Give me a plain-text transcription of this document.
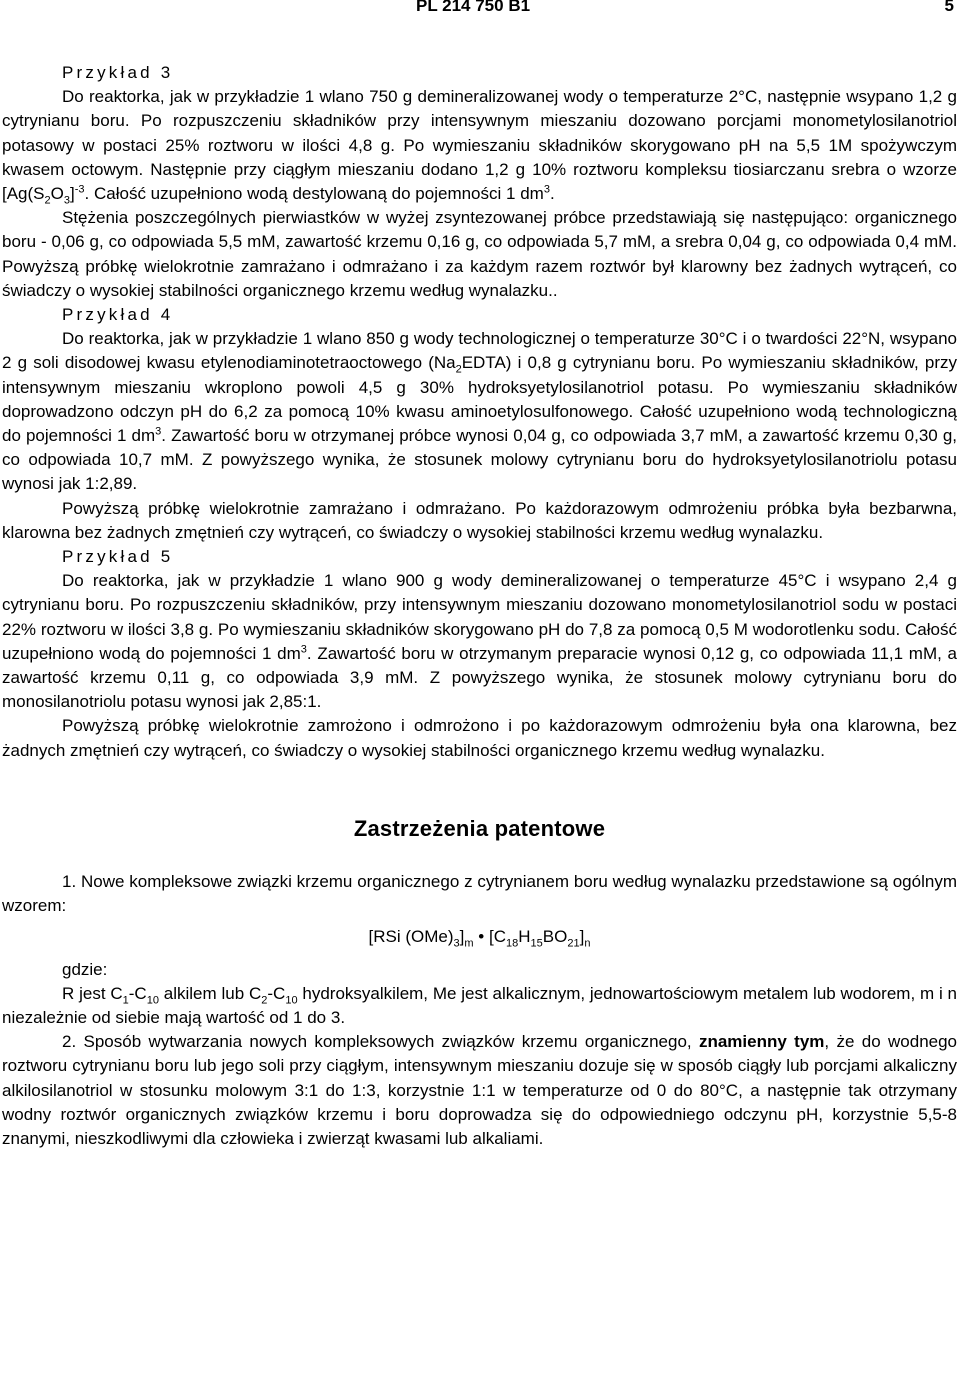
PL 214 750 B1	5

Przykład 3

Do reaktorka, jak w przykładzie 1 wlano 750 g demineralizowanej wody o temperaturze 2°C, następnie wsypano 1,2 g cytrynianu boru. Po rozpuszczeniu składników przy intensywnym mieszaniu dozowano porcjami monometylosilanotriol potasowy w postaci 25% roztworu w ilości 4,8 g. Po wymieszaniu składników skorygowano pH na 5,5 1M spożywczym kwasem octowym. Następnie przy ciągłym mieszaniu dodano 1,2 g 10% roztworu kompleksu tiosiarczanu srebra o wzorze [$Ag(S_2O_3]^{-3}$. Całość uzupełniono wodą destylowaną do pojemności 1 $dm^3$.

Stężenia poszczególnych pierwiastków w wyżej zsyntezowanej próbce przedstawiają się następująco: organicznego boru - 0,06 g, co odpowiada 5,5 mM, zawartość krzemu 0,16 g, co odpowiada 5,7 mM, a srebra 0,04 g, co odpowiada 0,4 mM. Powyższą próbkę wielokrotnie zamrażano i odmrażano i za każdym razem roztwór był klarowny bez żadnych wytrąceń, co świadczy o wysokiej stabilności organicznego krzemu według wynalazku..

Przykład 4

Do reaktorka, jak w przykładzie 1 wlano 850 g wody technologicznej o temperaturze 30°C i o twardości 22°N, wsypano 2 g soli disodowej kwasu etylenodiaminotetraoctowego $(Na_2EDTA)$ i 0,8 g cytrynianu boru. Po wymieszaniu składników, przy intensywnym mieszaniu wkroplono powoli 4,5 g 30% hydroksyetylosilanotriol potasu. Po wymieszaniu składników doprowadzono odczyn pH do 6,2 za pomocą 10% kwasu aminoetylosulfonowego. Całość uzupełniono wodą technologiczną do pojemności 1 $dm^3$. Zawartość boru w otrzymanej próbce wynosi 0,04 g, co odpowiada 3,7 mM, a zawartość krzemu 0,30 g, co odpowiada 10,7 mM. Z powyższego wynika, że stosunek molowy cytrynianu boru do hydroksyetylosilanotriolu potasu wynosi jak 1:2,89.

Powyższą próbkę wielokrotnie zamrażano i odmrażano. Po każdorazowym odmrożeniu próbka była bezbarwna, klarowna bez żadnych zmętnień czy wytrąceń, co świadczy o wysokiej stabilności krzemu według wynalazku.

Przykład 5

Do reaktorka, jak w przykładzie 1 wlano 900 g wody demineralizowanej o temperaturze 45°C i wsypano 2,4 g cytrynianu boru. Po rozpuszczeniu składników, przy intensywnym mieszaniu dozowano monometylosilanotriol sodu w postaci 22% roztworu w ilości 3,8 g. Po wymieszaniu składników skorygowano pH do 7,8 za pomocą 0,5 M wodorotlenku sodu. Całość uzupełniono wodą do pojemności 1 $dm^3$. Zawartość boru w otrzymanym preparacie wynosi 0,12 g, co odpowiada 11,1 mM, a zawartość krzemu 0,11 g, co odpowiada 3,9 mM. Z powyższego wynika, że stosunek molowy cytrynianu boru do monosilanotriolu potasu wynosi jak 2,85:1.

Powyższą próbkę wielokrotnie zamrożono i odmrożono i po każdorazowym odmrożeniu była ona klarowna, bez żadnych zmętnień czy wytrąceń, co świadczy o wysokiej stabilności organicznego krzemu według wynalazku.

Zastrzeżenia patentowe

1. Nowe kompleksowe związki krzemu organicznego z cytrynianem boru według wynalazku przedstawione są ogólnym wzorem:

[RSi $(OMe)_3]_m$ • $[C_{18}H_{15}BO_{21}]_n$

gdzie:

R jest $C_1-C_{10}$ alkilem lub $C_2-C_{10}$ hydroksyalkilem, Me jest alkalicznym, jednowartościowym metalem lub wodorem, m i n niezależnie od siebie mają wartość od 1 do 3.

2. Sposób wytwarzania nowych kompleksowych związków krzemu organicznego, znamienny tym, że do wodnego roztworu cytrynianu boru lub jego soli przy ciągłym, intensywnym mieszaniu dozuje się w sposób ciągły lub porcjami alkaliczny alkilosilanotriol w stosunku molowym 3:1 do 1:3, korzystnie 1:1 w temperaturze od 0 do 80°C, a następnie tak otrzymany wodny roztwór organicznych związków krzemu i boru doprowadza się do odpowiedniego odczynu pH, korzystnie 5,5-8 znanymi, nieszkodliwymi dla człowieka i zwierząt kwasami lub alkaliami.
